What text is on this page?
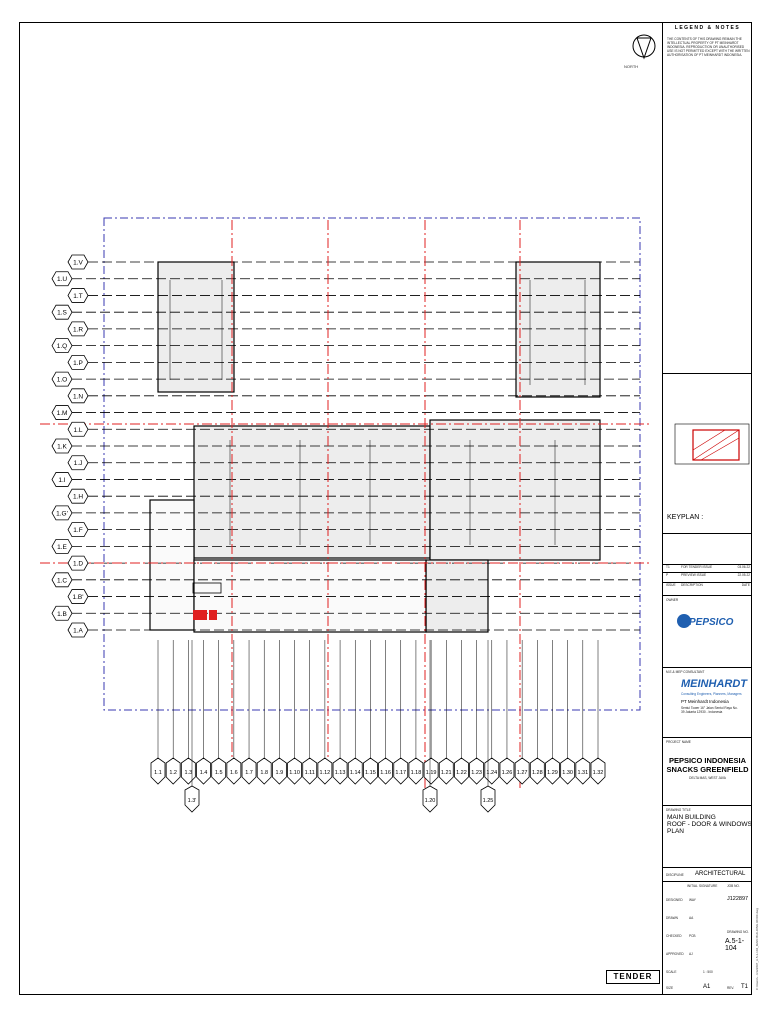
1.V
1.U
1.T
1.S
1.R
1.Q
1.P
1.O
1.N
1.M
1.L
1.K
1.J
1.I
1.H
1.G'
1.F
1.E
1.D
1.C
1.B'
1.B
1.A
1.1 1.2 1.3 1.4 1.5 1.6 1.7 1.8 1.9 1.10 1.11 1.12 1.13 1.14 1.15 1.16 1.17 1.18 1.19 1.21 1.22 1.23 1.24 1.26 1.27 1.28 1.29 1.30 1.31 1.32
1.3'	1.20	1.25
NORTH
LEGEND & NOTES
THE CONTENTS OF THIS DRAWING REMAIN THE INTELLECTUAL PROPERTY OF PT MEINHARDT INDONESIA. REPRODUCTION OR UNAUTHORISED USE IS NOT PERMITTED EXCEPT WITH THE WRITTEN AUTHORISATION OF PT MEINHARDT INDONESIA.
KEYPLAN :
T1	FOR TENDER ISSUE	03.06.22
P	PREVIEW ISSUE	22.05.22
ISSUE DESCRIPTION	DATE
OWNER
PEPSICO
M.E.& MEP CONSULTANT
MEINHARDT
Consulting Engineers, Planners, Managers
PT Meinhardt Indonesia
Sentul Tower 16° Jalan Sentul Raya No. 39 Jakarta 12930 - Indonesia
PROJECT NAME
PEPSICO INDONESIA
SNACKS GREENFIELD
DELTA MAS, WEST JAVA
DRAWING TITLE
MAIN BUILDING
ROOF - DOOR & WINDOWS PLAN
DISCIPLINE ARCHITECTURAL
INITIAL SIGNATURE	JOB NO.
J122897
DESIGNED WAY
DRAWN	AA
CHECKED PCB
DRAWING NO.
A.5-1-104
APPROVED AJ
SCALE	1 : 500
SIZE	A1	REV. T1
TENDER	C:\Users\...\J122897_A.5-1-104_MAIN BUILDING ROOF.dwg
